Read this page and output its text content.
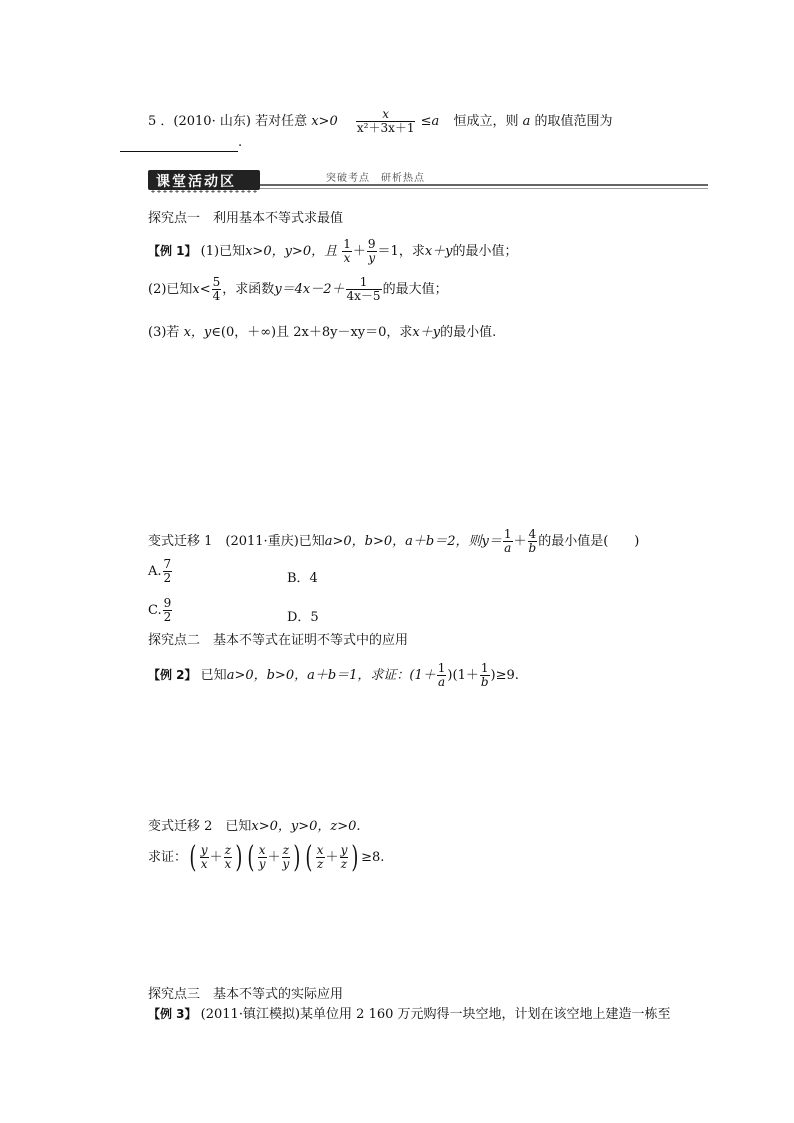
5 ．(2010· 山东) 若对任意 $x>0 \frac{x}{\text{x²＋3x＋1}} \le a$ 恒成立，则 a 的取值范围为
.
课堂活动区	突破考点　研析热点
探究点一　利用基本不等式求最值
【例 1】 (1)已知x>0，y>0，且 $\frac{1}{x} + \frac{9}{y} =1$，求x＋y的最小值；
(2)已知$x< \frac{5}{4}$ ，求函数$y=4x-2+ \frac{1}{4x-5}$ 的最大值；
(3)若 x，y∈(0，＋∞)且 2x＋8y－xy＝0，求x＋y的最小值.
变式迁移 1　(2011·重庆)已知a>0，b>0，a＋b＝2，则$y= \frac{1}{a} + \frac{4}{b}$ 的最小值是(　　)
A. $\frac{7}{2}$	B．4
C. $\frac{9}{2}$	D．5
探究点二　基本不等式在证明不等式中的应用
【例 2】 已知a>0，b>0，a＋b＝1，求证：$(1+ \frac{1}{a} )(1+ \frac{1}{b} )\ge 9$.
变式迁移 2　已知x>0，y>0，z>0.
求证：( $\frac{y}{x} + \frac{z}{x}$ ) ( $\frac{x}{y} + \frac{z}{y}$ ) ( $\frac{x}{z} + \frac{y}{z}$ ) ≥8.
探究点三　基本不等式的实际应用
【例 3】 (2011·镇江模拟)某单位用 2 160 万元购得一块空地，计划在该空地上建造一栋至
